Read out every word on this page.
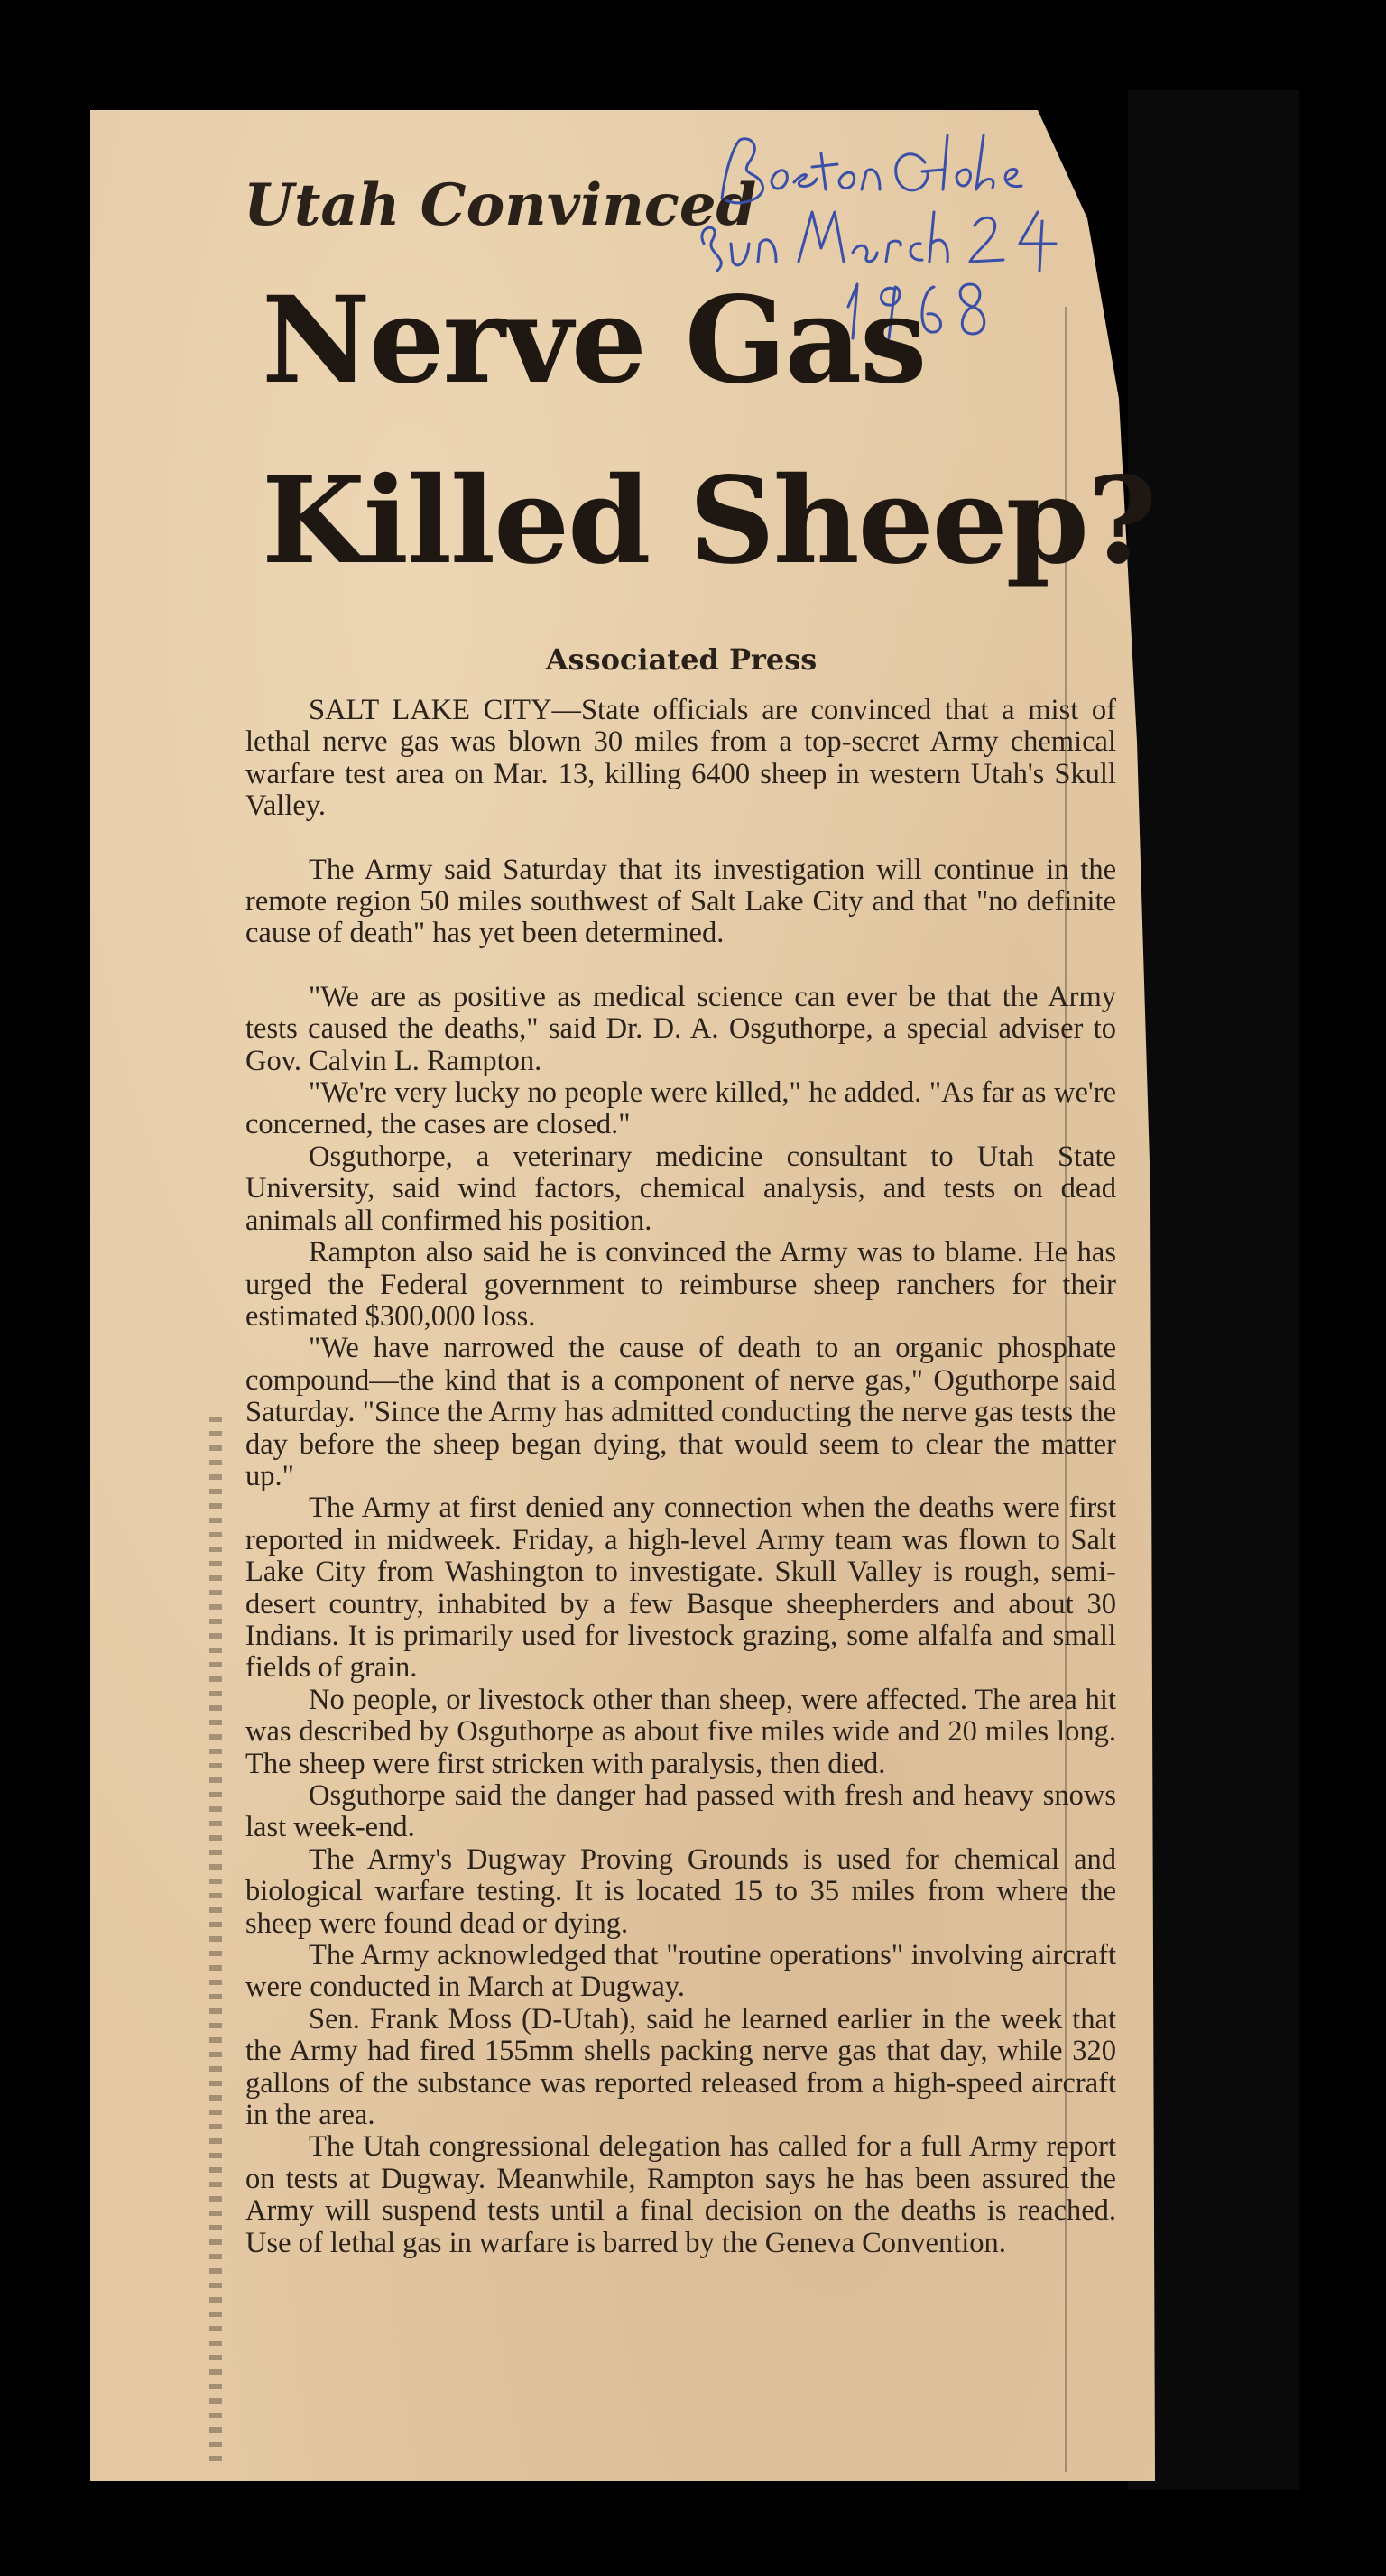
Utah Convinced
Nerve Gas
Killed Sheep?
Associated Press

SALT LAKE CITY—State officials are convinced that a mist of lethal nerve gas was blown 30 miles from a top-secret Army chemical warfare test area on Mar. 13, killing 6400 sheep in western Utah's Skull Valley.

The Army said Saturday that its investigation will continue in the remote region 50 miles southwest of Salt Lake City and that "no definite cause of death" has yet been determined.

"We are as positive as medical science can ever be that the Army tests caused the deaths," said Dr. D. A. Osguthorpe, a special adviser to Gov. Calvin L. Rampton.

"We're very lucky no people were killed," he added. "As far as we're concerned, the cases are closed."

Osguthorpe, a veterinary medicine consultant to Utah State University, said wind factors, chemical analysis, and tests on dead animals all confirmed his position.

Rampton also said he is convinced the Army was to blame. He has urged the Federal government to reimburse sheep ranchers for their estimated $300,000 loss.

"We have narrowed the cause of death to an organic phosphate compound—the kind that is a component of nerve gas," Oguthorpe said Saturday. "Since the Army has admitted conducting the nerve gas tests the day before the sheep began dying, that would seem to clear the matter up."

The Army at first denied any connection when the deaths were first reported in midweek. Friday, a high-level Army team was flown to Salt Lake City from Washington to investigate. Skull Valley is rough, semi-desert country, inhabited by a few Basque sheepherders and about 30 Indians. It is primarily used for livestock grazing, some alfalfa and small fields of grain.

No people, or livestock other than sheep, were affected. The area hit was described by Osguthorpe as about five miles wide and 20 miles long. The sheep were first stricken with paralysis, then died.

Osguthorpe said the danger had passed with fresh and heavy snows last week-end.

The Army's Dugway Proving Grounds is used for chemical and biological warfare testing. It is located 15 to 35 miles from where the sheep were found dead or dying.

The Army acknowledged that "routine operations" involving aircraft were conducted in March at Dugway.

Sen. Frank Moss (D-Utah), said he learned earlier in the week that the Army had fired 155mm shells packing nerve gas that day, while 320 gallons of the substance was reported released from a high-speed aircraft in the area.

The Utah congressional delegation has called for a full Army report on tests at Dugway. Meanwhile, Rampton says he has been assured the Army will suspend tests until a final decision on the deaths is reached. Use of lethal gas in warfare is barred by the Geneva Convention.
